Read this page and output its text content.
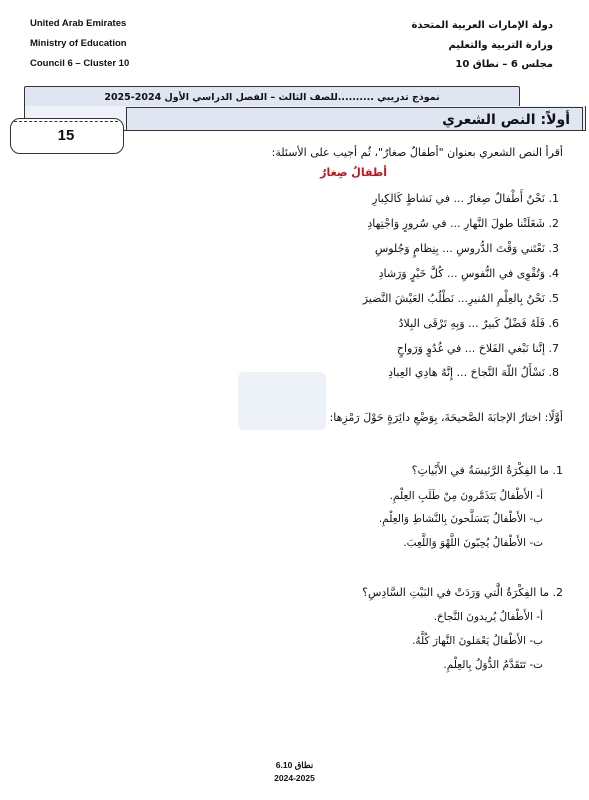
United Arab Emirates
Ministry of Education
Council 6 – Cluster 10
دولة الإمارات العربية المتحدة
وزارة التربية والتعليم
مجلس 6 – نطاق 10
نموذج تدريبي ..........للصف الثالث – الفصل الدراسي الأول 2024-2025
أولاً: النص الشعري
15
أقرأ النص الشعري بعنوان "أطفالٌ صغارٌ"، ثُم أجيب على الأسئلة:
أطفالٌ صِغارٌ
1. نَحْنُ أَطْفالٌ صِغارٌ ... في نَشاطٍ كَالكِبارِ
2. شَغَلَتْنا طولَ النَّهارِ ... في سُرورٍ وَاجْتِهادِ
3. نَعْتَني وَقْتَ الدُّروسِ ... بِنِظامٍ وَجُلوسِ
4. وَتُقْوِى في النُّفوسِ ... كُلَّ خَيْرٍ وَرَشادِ
5. نَحْنُ بِالعِلْمِ المُنيرِ... نَطْلُبُ العَيْشَ النَّضيرَ
6. فَلَهُ فَضْلٌ كَبيرٌ ... وَبِهِ تَرْقَى البِلادُ
7. إنَّنا نَبْغي الفَلاحَ ... في غُدُوٍ وَرَواحٍ
8. نَسْأَلُ اللّهَ النَّجاحَ ... إِنَّهُ هادِي العِبادِ
أوَّلًا: اختارُ الإجابَةَ الصَّحيحَةَ، بِوَضْعِ دائِرَةٍ حَوْلَ رَمْزِها:
1. ما الفِكْرَةُ الرَّئيسَةُ في الأَبْياتِ؟
أ- الأَطْفالُ يَتَذَمَّرونَ مِنْ طَلَبِ العِلْمِ.
ب- الأَطْفالُ يَتَسَلَّحونَ بِالنَّشاطِ وَالعِلْمِ.
ت- الأَطْفالُ يُحِبّونَ اللَّهْوَ وَاللَّعِبَ.
2. ما الفِكْرَةُ الَّتي وَرَدَتْ في البَيْتِ السَّادِسِ؟
أ- الأَطْفالُ يُريدونَ النَّجاحَ.
ب- الأَطْفالُ يَعْمَلونَ النَّهارَ كُلَّهُ.
ت- تَتَقَدَّمُ الدُّوَلُ بِالعِلْمِ.
نطاق 6.10
2024-2025
